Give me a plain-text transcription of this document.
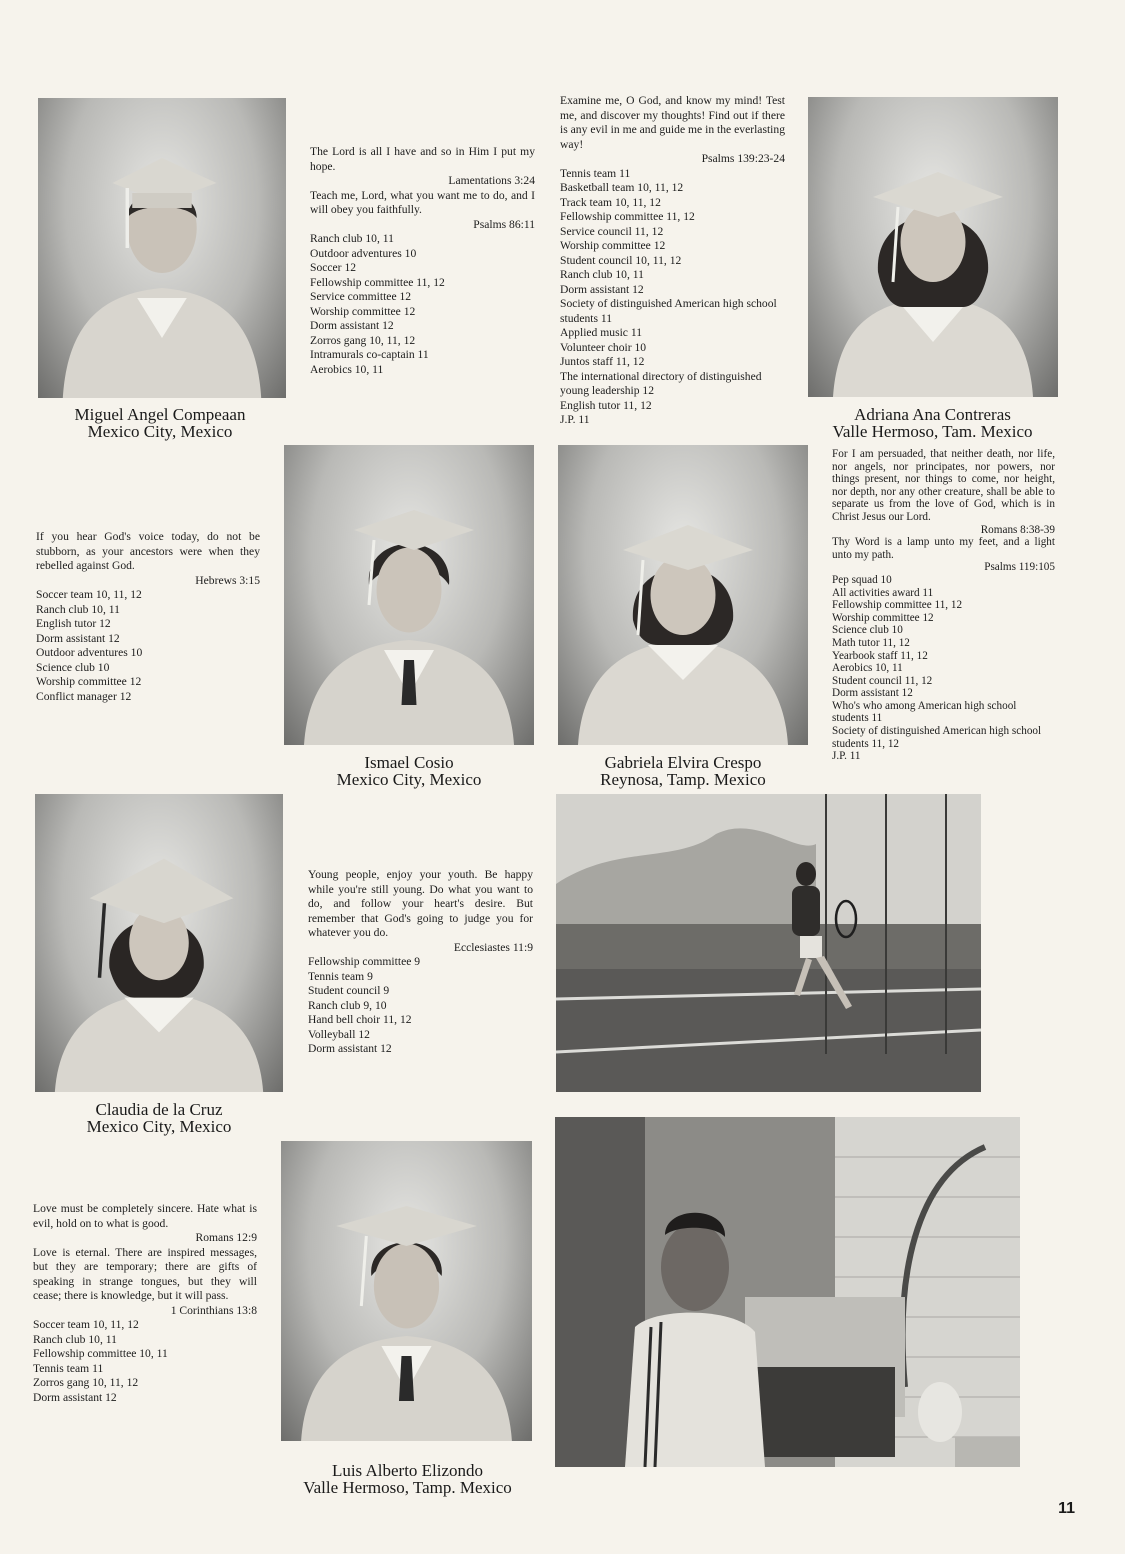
Miguel Angel Compeaan
Mexico City, Mexico
Adriana Ana Contreras
Valle Hermoso, Tam. Mexico
Ismael Cosio
Mexico City, Mexico
Gabriela Elvira Crespo
Reynosa, Tamp. Mexico
Claudia de la Cruz
Mexico City, Mexico
Luis Alberto Elizondo
Valle Hermoso, Tamp. Mexico
The Lord is all I have and so in Him I put my hope.
Lamentations 3:24
Teach me, Lord, what you want me to do, and I will obey you faithfully.
Psalms 86:11
Ranch club 10, 11
Outdoor adventures 10
Soccer 12
Fellowship committee 11, 12
Service committee 12
Worship committee 12
Dorm assistant 12
Zorros gang 10, 11, 12
Intramurals co-captain 11
Aerobics 10, 11
Examine me, O God, and know my mind! Test me, and discover my thoughts! Find out if there is any evil in me and guide me in the everlasting way!
Psalms 139:23-24
Tennis team 11
Basketball team 10, 11, 12
Track team 10, 11, 12
Fellowship committee 11, 12
Service council 11, 12
Worship committee 12
Student council 10, 11, 12
Ranch club 10, 11
Dorm assistant 12
Society of distinguished American high school students 11
Applied music 11
Volunteer choir 10
Juntos staff 11, 12
The international directory of distinguished young leadership 12
English tutor 11, 12
J.P. 11
If you hear God's voice today, do not be stubborn, as your ancestors were when they rebelled against God.
Hebrews 3:15
Soccer team 10, 11, 12
Ranch club 10, 11
English tutor 12
Dorm assistant 12
Outdoor adventures 10
Science club 10
Worship committee 12
Conflict manager 12
For I am persuaded, that neither death, nor life, nor angels, nor principates, nor powers, nor things present, nor things to come, nor height, nor depth, nor any other creature, shall be able to separate us from the love of God, which is in Christ Jesus our Lord.
Romans 8:38-39
Thy Word is a lamp unto my feet, and a light unto my path.
Psalms 119:105
Pep squad 10
All activities award 11
Fellowship committee 11, 12
Worship committee 12
Science club 10
Math tutor 11, 12
Yearbook staff 11, 12
Aerobics 10, 11
Student council 11, 12
Dorm assistant 12
Who's who among American high school students 11
Society of distinguished American high school students 11, 12
J.P. 11
Young people, enjoy your youth. Be happy while you're still young. Do what you want to do, and follow your heart's desire. But remember that God's going to judge you for whatever you do.
Ecclesiastes 11:9
Fellowship committee 9
Tennis team 9
Student council 9
Ranch club 9, 10
Hand bell choir 11, 12
Volleyball 12
Dorm assistant 12
Love must be completely sincere. Hate what is evil, hold on to what is good.
Romans 12:9
Love is eternal. There are inspired messages, but they are temporary; there are gifts of speaking in strange tongues, but they will cease; there is knowledge, but it will pass.
1 Corinthians 13:8
Soccer team 10, 11, 12
Ranch club 10, 11
Fellowship committee 10, 11
Tennis team 11
Zorros gang 10, 11, 12
Dorm assistant 12
11
